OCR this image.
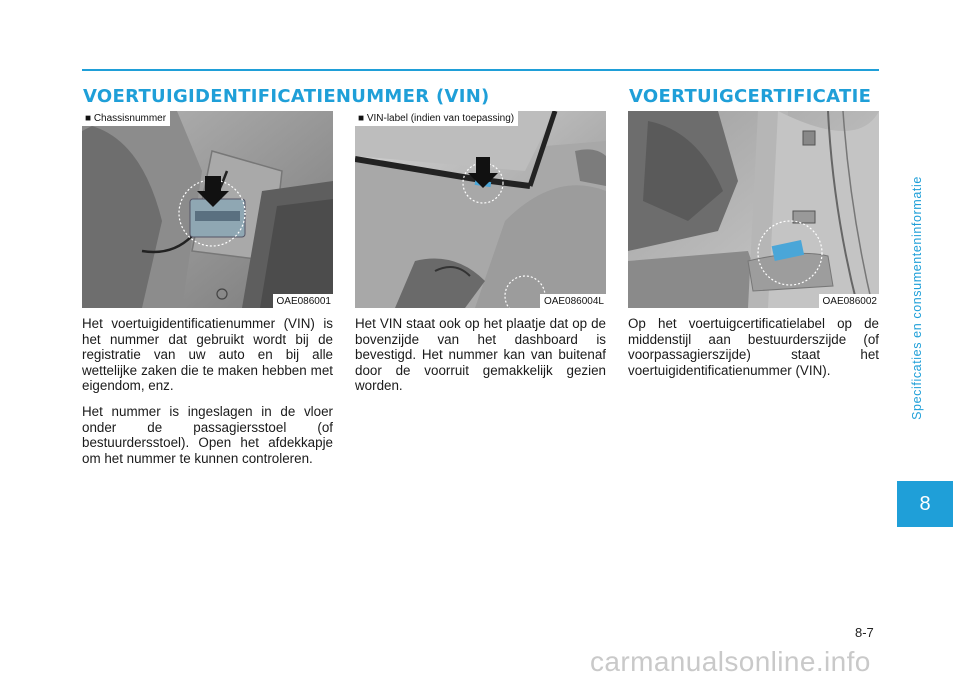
VOERTUIGIDENTIFICATIENUMMER (VIN)	VOERTUIGCERTIFICATIE
■ Chassisnummer
OAE086001
■ VIN-label (indien van toepassing)
OAE086004L	OAE086002

Het voertuigidentificatienummer (VIN) is het nummer dat gebruikt wordt bij de registratie van uw auto en bij alle wettelijke zaken die te maken hebben met eigendom, enz.

Het nummer is ingeslagen in de vloer onder de passagiersstoel (of bestuurdersstoel). Open het afdekkapje om het nummer te kunnen controleren.

Het VIN staat ook op het plaatje dat op de bovenzijde van het dashboard is bevestigd. Het nummer kan van buitenaf door de voorruit gemakkelijk gezien worden.

Op het voertuigcertificatielabel op de middenstijl aan bestuurderszijde (of voorpassagierszijde) staat het voertuigidentificatienummer (VIN).	Specificaties en consumenteninformatie
8
8-7
carmanualsonline.info
